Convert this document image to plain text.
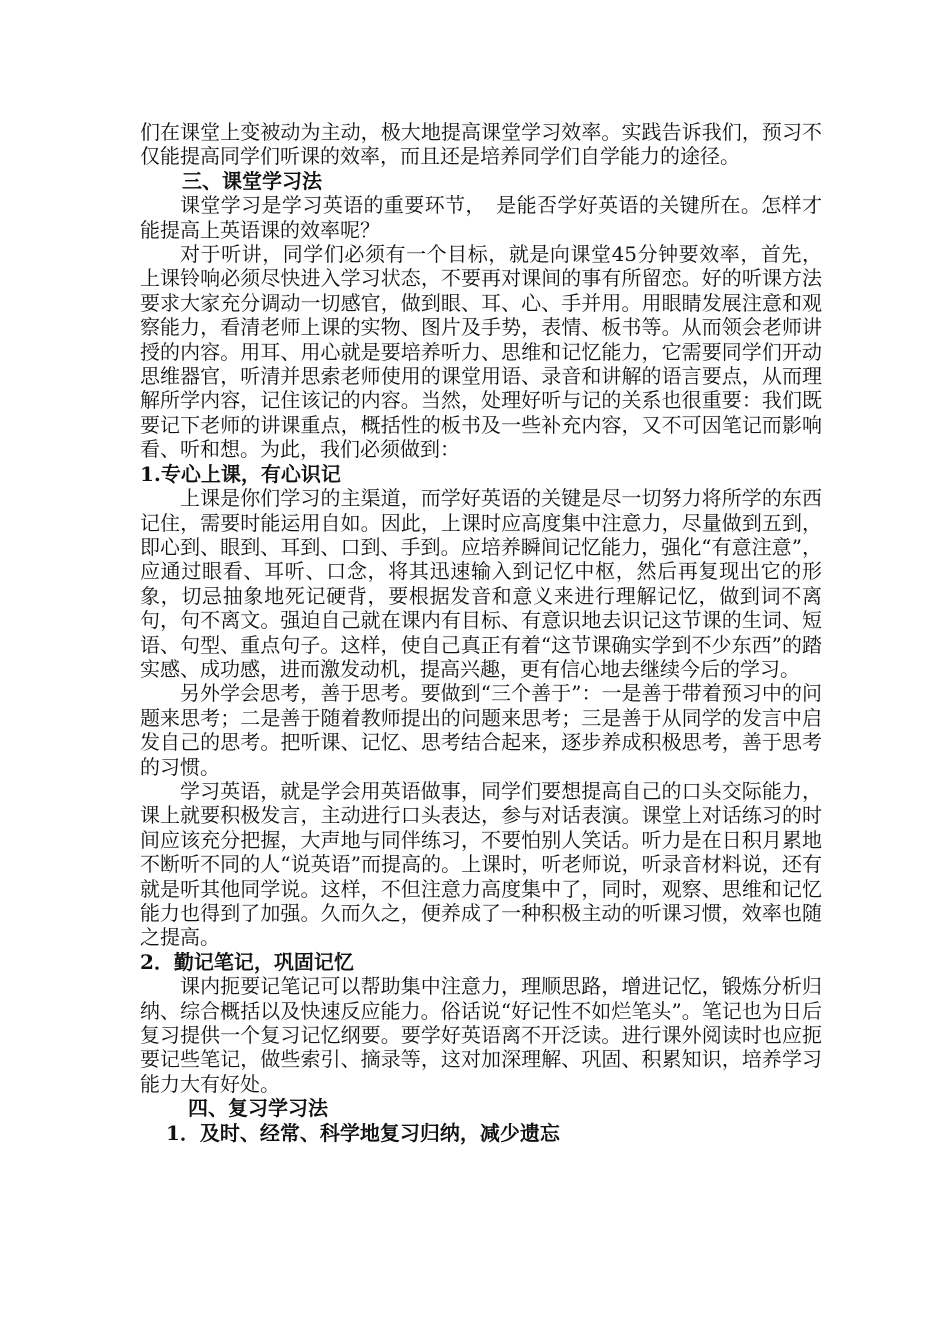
们在课堂上变被动为主动，极大地提高课堂学习效率。实践告诉我们，预习不仅能提高同学们听课的效率，而且还是培养同学们自学能力的途径。

三、课堂学习法

课堂学习是学习英语的重要环节，　是能否学好英语的关键所在。怎样才能提高上英语课的效率呢？

对于听讲，同学们必须有一个目标，就是向课堂45分钟要效率，首先，上课铃响必须尽快进入学习状态，不要再对课间的事有所留恋。好的听课方法要求大家充分调动一切感官，做到眼、耳、心、手并用。用眼睛发展注意和观察能力，看清老师上课的实物、图片及手势，表情、板书等。从而领会老师讲授的内容。用耳、用心就是要培养听力、思维和记忆能力，它需要同学们开动思维器官，听清并思索老师使用的课堂用语、录音和讲解的语言要点，从而理解所学内容，记住该记的内容。当然，处理好听与记的关系也很重要：我们既要记下老师的讲课重点，概括性的板书及一些补充内容，又不可因笔记而影响看、听和想。为此，我们必须做到：

1.专心上课，有心识记

上课是你们学习的主渠道，而学好英语的关键是尽一切努力将所学的东西记住，需要时能运用自如。因此，上课时应高度集中注意力，尽量做到五到，即心到、眼到、耳到、口到、手到。应培养瞬间记忆能力，强化“有意注意”，应通过眼看、耳听、口念，将其迅速输入到记忆中枢，然后再复现出它的形象，切忌抽象地死记硬背，要根据发音和意义来进行理解记忆，做到词不离句，句不离文。强迫自己就在课内有目标、有意识地去识记这节课的生词、短语、句型、重点句子。这样，使自己真正有着“这节课确实学到不少东西”的踏实感、成功感，进而激发动机，提高兴趣，更有信心地去继续今后的学习。

另外学会思考，善于思考。要做到“三个善于”：一是善于带着预习中的问题来思考；二是善于随着教师提出的问题来思考；三是善于从同学的发言中启发自己的思考。把听课、记忆、思考结合起来，逐步养成积极思考，善于思考的习惯。

学习英语，就是学会用英语做事，同学们要想提高自己的口头交际能力，课上就要积极发言，主动进行口头表达，参与对话表演。课堂上对话练习的时间应该充分把握，大声地与同伴练习，不要怕别人笑话。听力是在日积月累地不断听不同的人“说英语”而提高的。上课时，听老师说，听录音材料说，还有就是听其他同学说。这样，不但注意力高度集中了，同时，观察、思维和记忆能力也得到了加强。久而久之，便养成了一种积极主动的听课习惯，效率也随之提高。

2．勤记笔记，巩固记忆

课内扼要记笔记可以帮助集中注意力，理顺思路，增进记忆，锻炼分析归纳、综合概括以及快速反应能力。俗话说“好记性不如烂笔头”。笔记也为日后复习提供一个复习记忆纲要。要学好英语离不开泛读。进行课外阅读时也应扼要记些笔记，做些索引、摘录等，这对加深理解、巩固、积累知识，培养学习能力大有好处。

四、复习学习法

1．及时、经常、科学地复习归纳，减少遗忘
